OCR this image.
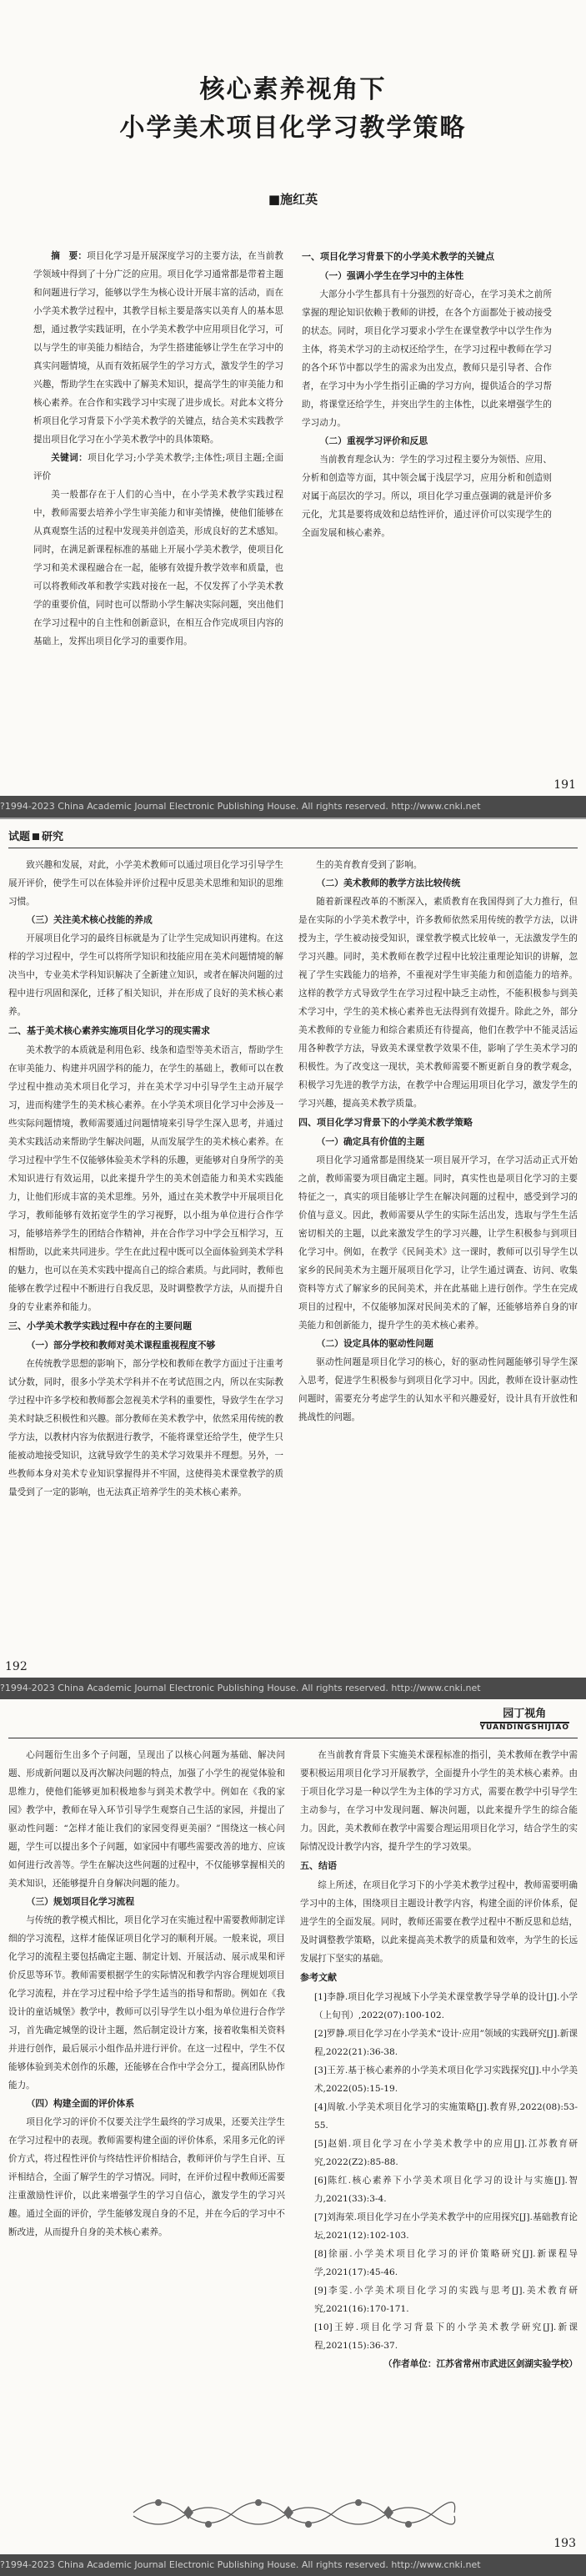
核心素养视角下
小学美术项目化学习教学策略
■施红英

摘　要：项目化学习是开展深度学习的主要方法，在当前教学领域中得到了十分广泛的应用。项目化学习通常都是带着主题和问题进行学习，能够以学生为核心设计开展丰富的活动，而在小学美术教学过程中，其教学目标主要是落实以美育人的基本思想，通过教学实践证明，在小学美术教学中应用项目化学习，可以与学生的审美能力相结合，为学生搭建能够让学生在学习中的真实问题情境，从而有效拓展学生的学习方式，激发学生的学习兴趣，帮助学生在实践中了解美术知识，提高学生的审美能力和核心素养。在合作和实践学习中实现了进步成长。对此本文将分析项目化学习背景下小学美术教学的关键点，结合美术实践教学提出项目化学习在小学美术教学中的具体策略。

关键词：项目化学习;小学美术教学;主体性;项目主题;全面评价

美一般都存在于人们的心当中，在小学美术教学实践过程中，教师需要去培养小学生审美能力和审美情操，使他们能够在从真观察生活的过程中发现美并创造美，形成良好的艺术感知。同时，在满足新课程标准的基础上开展小学美术教学，使项目化学习和美术课程融合在一起，能够有效提升教学效率和质量，也可以将教师改革和教学实践对接在一起，不仅发挥了小学美术教学的重要价值，同时也可以帮助小学生解决实际问题，突出他们在学习过程中的自主性和创新意识，在相互合作完成项目内容的基础上，发挥出项目化学习的重要作用。

一、项目化学习背景下的小学美术教学的关键点
（一）强调小学生在学习中的主体性

大部分小学生都具有十分强烈的好奇心，在学习美术之前所掌握的理论知识依赖于教师的讲授，在各个方面都处于被动接受的状态。同时，项目化学习要求小学生在课堂教学中以学生作为主体，将美术学习的主动权还给学生，在学习过程中教师在学习的各个环节中都以学生的需求为出发点，教师只是引导者、合作者，在学习中为小学生指引正确的学习方向，提供适合的学习帮助，将课堂还给学生，并突出学生的主体性，以此来增强学生的学习动力。

（二）重视学习评价和反思

当前教育理念认为：学生的学习过程主要分为领悟、应用、分析和创造等方面，其中领会属于浅层学习，应用分析和创造则对属于高层次的学习。所以，项目化学习重点强调的就是评价多元化，尤其是要将成效和总结性评价，通过评价可以实现学生的全面发展和核心素养。

?1994-2023 China Academic Journal Electronic Publishing House. All rights reserved. http://www.cnki.net
191
试题 研究

致兴趣和发展，对此，小学美术教师可以通过项目化学习引导学生展开评价，使学生可以在体验并评价过程中反思美术思维和知识的思维习惯。

（三）关注美术核心技能的养成

开展项目化学习的最终目标就是为了让学生完成知识再建构。在这样的学习过程中，学生可以将所学知识和技能应用在美术问题情境的解决当中，专业美术学科知识解决了全新建立知识，或者在解决问题的过程中进行巩固和深化，迁移了相关知识，并在形成了良好的美术核心素养。

二、基于美术核心素养实施项目化学习的现实需求

美术教学的本质就是利用色彩、线条和造型等美术语言，帮助学生在审美能力、构建并巩固学科的能力，在学生的基础上，教师可以在教学过程中推动美术项目化学习，并在美术学习中引导学生主动开展学习，进而构建学生的美术核心素养。在小学美术项目化学习中会涉及一些实际问题情境，教师需要通过问题情境来引导学生深入思考，并通过美术实践活动来帮助学生解决问题，从而发展学生的美术核心素养。在学习过程中学生不仅能够体验美术学科的乐趣，更能够对自身所学的美术知识进行有效运用，以此来提升学生的美术创造能力和美术实践能力，让他们形成丰富的美术思维。另外，通过在美术教学中开展项目化学习，教师能够有效拓宽学生的学习视野，以小组为单位进行合作学习，能够培养学生的团结合作精神，并在合作学习中学会互相学习，互相帮助，以此来共同进步。学生在此过程中既可以全面体验到美术学科的魅力，也可以在美术实践中提高自己的综合素质。与此同时，教师也能够在教学过程中不断进行自我反思，及时调整教学方法，从而提升自身的专业素养和能力。

三、小学美术教学实践过程中存在的主要问题
（一）部分学校和教师对美术课程重视程度不够

在传统教学思想的影响下，部分学校和教师在教学方面过于注重考试分数，同时，很多小学美术学科并不在考试范围之内，所以在实际教学过程中许多学校和教师都会忽视美术学科的重要性，导致学生在学习美术时缺乏积极性和兴趣。部分教师在美术教学中，依然采用传统的教学方法，以教材内容为依据进行教学，不能将课堂还给学生，使学生只能被动地接受知识，这就导致学生的美术学习效果并不理想。另外，一些教师本身对美术专业知识掌握得并不牢固，这使得美术课堂教学的质量受到了一定的影响，也无法真正培养学生的美术核心素养。

生的美育教育受到了影响。

（二）美术教师的教学方法比较传统

随着新课程改革的不断深入，素质教育在我国得到了大力推行，但是在实际的小学美术教学中，许多教师依然采用传统的教学方法，以讲授为主，学生被动接受知识，课堂教学模式比较单一，无法激发学生的学习兴趣。同时，美术教师在教学过程中比较注重理论知识的讲解，忽视了学生实践能力的培养，不重视对学生审美能力和创造能力的培养。这样的教学方式导致学生在学习过程中缺乏主动性，不能积极参与到美术学习中，学生的美术核心素养也无法得到有效提升。除此之外，部分美术教师的专业能力和综合素质还有待提高，他们在教学中不能灵活运用各种教学方法，导致美术课堂教学效果不佳，影响了学生美术学习的积极性。为了改变这一现状，美术教师需要不断更新自身的教学观念，积极学习先进的教学方法，在教学中合理运用项目化学习，激发学生的学习兴趣，提高美术教学质量。

四、项目化学习背景下的小学美术教学策略
（一）确定具有价值的主题

项目化学习通常都是围绕某一项目展开学习，在学习活动正式开始之前，教师需要为项目确定主题。同时，真实性也是项目化学习的主要特征之一，真实的项目能够让学生在解决问题的过程中，感受到学习的价值与意义。因此，教师需要从学生的实际生活出发，选取与学生生活密切相关的主题，以此来激发学生的学习兴趣，让学生积极参与到项目化学习中。例如，在教学《民间美术》这一课时，教师可以引导学生以家乡的民间美术为主题开展项目化学习，让学生通过调查、访问、收集资料等方式了解家乡的民间美术，并在此基础上进行创作。学生在完成项目的过程中，不仅能够加深对民间美术的了解，还能够培养自身的审美能力和创新能力，提升学生的美术核心素养。

（二）设定具体的驱动性问题

驱动性问题是项目化学习的核心，好的驱动性问题能够引导学生深入思考，促进学生积极参与到项目化学习中。因此，教师在设计驱动性问题时，需要充分考虑学生的认知水平和兴趣爱好，设计具有开放性和挑战性的问题。

?1994-2023 China Academic Journal Electronic Publishing House. All rights reserved. http://www.cnki.net
192
园丁视角
YUANDINGSHIJIAO

心问题衍生出多个子问题，呈现出了以核心问题为基础、解决问题、形成新问题以及再次解决问题的特点，加强了小学生的视觉体验和思维力，使他们能够更加积极地参与到美术教学中。例如在《我的家园》教学中，教师在导入环节引导学生观察自己生活的家园，并提出了驱动性问题：“怎样才能让我们的家园变得更美丽？”围绕这一核心问题，学生可以提出多个子问题，如家园中有哪些需要改善的地方、应该如何进行改善等。学生在解决这些问题的过程中，不仅能够掌握相关的美术知识，还能够提升自身解决问题的能力。

（三）规划项目化学习流程

与传统的教学模式相比，项目化学习在实施过程中需要教师制定详细的学习流程，这样才能保证项目化学习的顺利开展。一般来说，项目化学习的流程主要包括确定主题、制定计划、开展活动、展示成果和评价反思等环节。教师需要根据学生的实际情况和教学内容合理规划项目化学习流程，并在学习过程中给予学生适当的指导和帮助。例如在《我设计的童话城堡》教学中，教师可以引导学生以小组为单位进行合作学习，首先确定城堡的设计主题，然后制定设计方案，接着收集相关资料并进行创作，最后展示小组作品并进行评价。在这一过程中，学生不仅能够体验到美术创作的乐趣，还能够在合作中学会分工，提高团队协作能力。

（四）构建全面的评价体系

项目化学习的评价不仅要关注学生最终的学习成果，还要关注学生在学习过程中的表现。教师需要构建全面的评价体系，采用多元化的评价方式，将过程性评价与终结性评价相结合，教师评价与学生自评、互评相结合，全面了解学生的学习情况。同时，在评价过程中教师还需要注重激励性评价，以此来增强学生的学习自信心，激发学生的学习兴趣。通过全面的评价，学生能够发现自身的不足，并在今后的学习中不断改进，从而提升自身的美术核心素养。

在当前教育背景下实施美术课程标准的指引，美术教师在教学中需要积极运用项目化学习开展教学，全面提升小学生的美术核心素养。由于项目化学习是一种以学生为主体的学习方式，需要在教学中引导学生主动参与，在学习中发现问题、解决问题，以此来提升学生的综合能力。因此，美术教师在教学中需要合理运用项目化学习，结合学生的实际情况设计教学内容，提升学生的学习效果。

五、结语

综上所述，在项目化学习下的小学美术教学过程中，教师需要明确学习中的主体，围绕项目主题设计教学内容，构建全面的评价体系，促进学生的全面发展。同时，教师还需要在教学过程中不断反思和总结，及时调整教学策略，以此来提高美术教学的质量和效率，为学生的长远发展打下坚实的基础。

参考文献

[1]李静.项目化学习视域下小学美术课堂教学导学单的设计[J].小学（上旬刊）,2022(07):100-102.

[2]罗静.项目化学习在小学美术“设计·应用”领域的实践研究[J].新课程,2022(21):36-38.

[3]王芳.基于核心素养的小学美术项目化学习实践探究[J].中小学美术,2022(05):15-19.

[4]周敏.小学美术项目化学习的实施策略[J].教育界,2022(08):53-55.

[5]赵娟.项目化学习在小学美术教学中的应用[J].江苏教育研究,2022(Z2):85-88.

[6]陈红.核心素养下小学美术项目化学习的设计与实施[J].智力,2021(33):3-4.

[7]刘海荣.项目化学习在小学美术教学中的应用探究[J].基础教育论坛,2021(12):102-103.

[8]徐丽.小学美术项目化学习的评价策略研究[J].新课程导学,2021(17):45-46.

[9]李雯.小学美术项目化学习的实践与思考[J].美术教育研究,2021(16):170-171.

[10]王婷.项目化学习背景下的小学美术教学研究[J].新课程,2021(15):36-37.

（作者单位：江苏省常州市武进区剑湖实验学校）

?1994-2023 China Academic Journal Electronic Publishing House. All rights reserved. http://www.cnki.net
193
